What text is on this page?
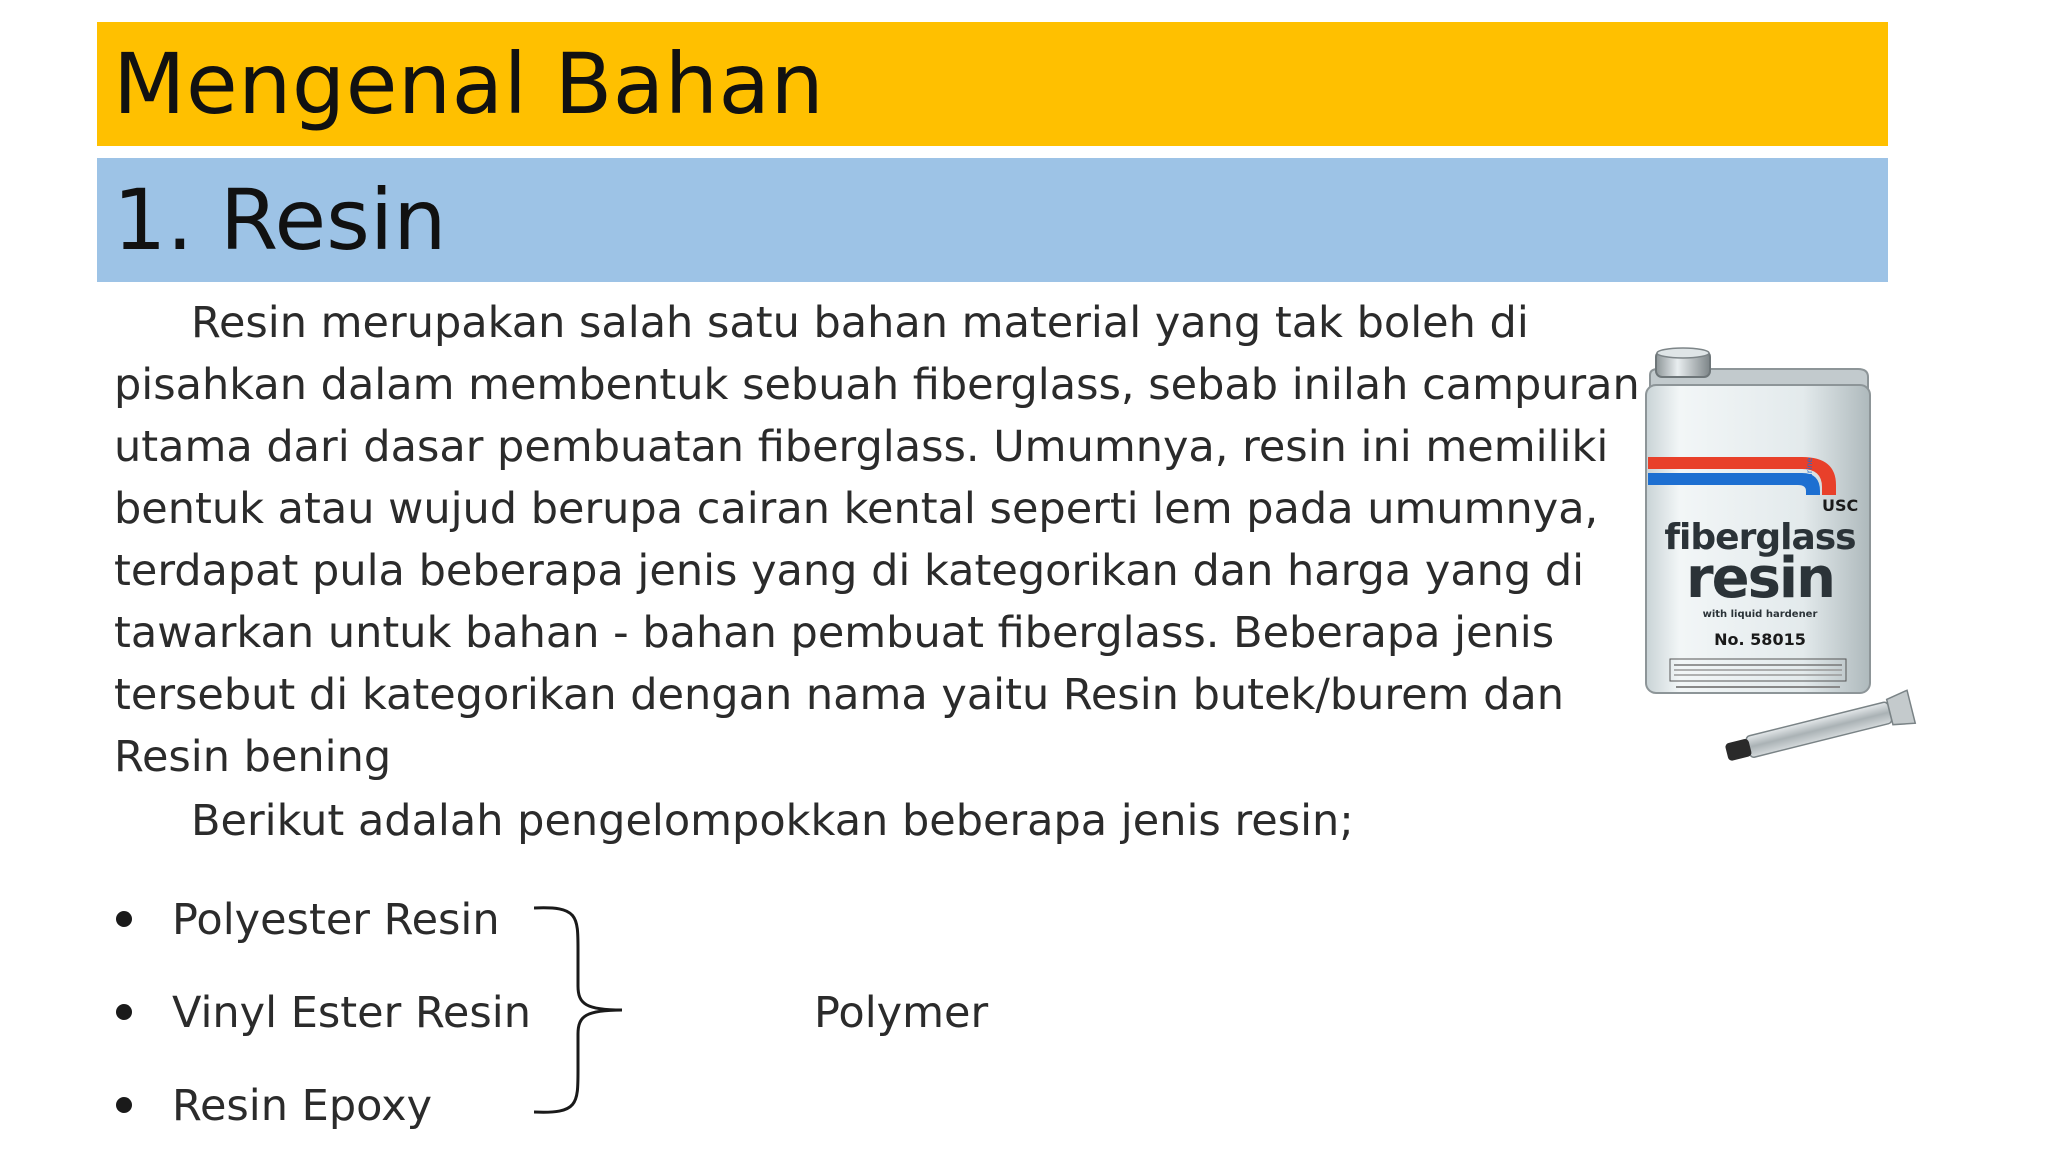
Mengenal Bahan
1. Resin

Resin merupakan salah satu bahan material yang tak boleh di pisahkan dalam membentuk sebuah fiberglass, sebab inilah campuran utama dari dasar pembuatan fiberglass. Umumnya, resin ini memiliki bentuk atau wujud berupa cairan kental seperti lem pada umumnya, terdapat pula beberapa jenis yang di kategorikan dan harga yang di tawarkan untuk bahan - bahan pembuat fiberglass. Beberapa jenis tersebut di kategorikan dengan nama yaitu Resin butek/burem dan Resin bening

Berikut adalah pengelompokkan beberapa jenis resin;

Polyester Resin
Vinyl Ester Resin
Resin Epoxy
Polymer
Marine
USC
fiberglass
resin
with liquid hardener
No. 58015
